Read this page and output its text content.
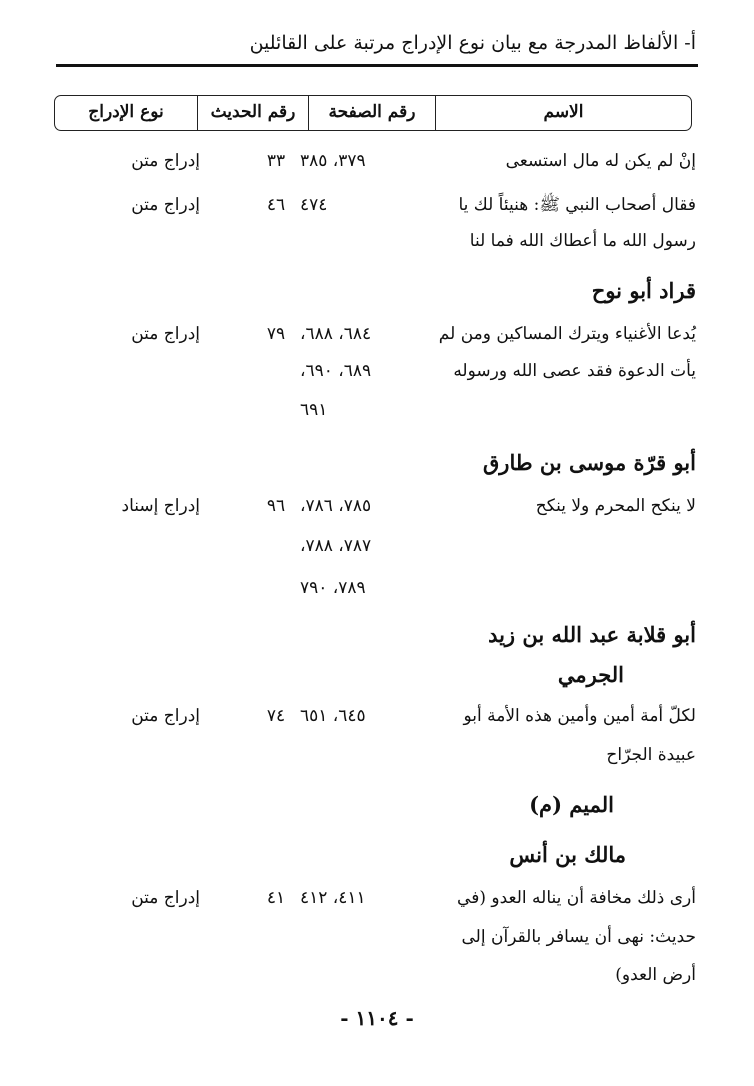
أ- الألفاظ المدرجة مع بيان نوع الإدراج مرتبة على القائلين
الاسم
رقم الصفحة
رقم الحديث
نوع الإدراج
إنْ لم يكن له مال استسعى
٣٧٩، ٣٨٥
٣٣
إدراج متن
فقال أصحاب النبي ﷺ: هنيئاً لك يا
رسول الله ما أعطاك الله فما لنا
٤٧٤
٤٦
إدراج متن
قراد أبو نوح
يُدعا الأغنياء ويترك المساكين ومن لم
يأت الدعوة فقد عصى الله ورسوله
٦٨٤، ٦٨٨،
٦٨٩، ٦٩٠،
٦٩١
٧٩
إدراج متن
أبو قرّة موسى بن طارق
لا ينكح المحرم ولا ينكح
٧٨٥، ٧٨٦،
٧٨٧، ٧٨٨،
٧٨٩، ٧٩٠
٩٦
إدراج إسناد
أبو قلابة عبد الله بن زيد
الجرمي
لكلّ أمة أمين وأمين هذه الأمة أبو
عبيدة الجرّاح
٦٤٥، ٦٥١
٧٤
إدراج متن
الميم (م)
مالك بن أنس
أرى ذلك مخافة أن يناله العدو (في
حديث: نهى أن يسافر بالقرآن إلى
أرض العدو)
٤١١، ٤١٢
٤١
إدراج متن
- ١١٠٤ -
